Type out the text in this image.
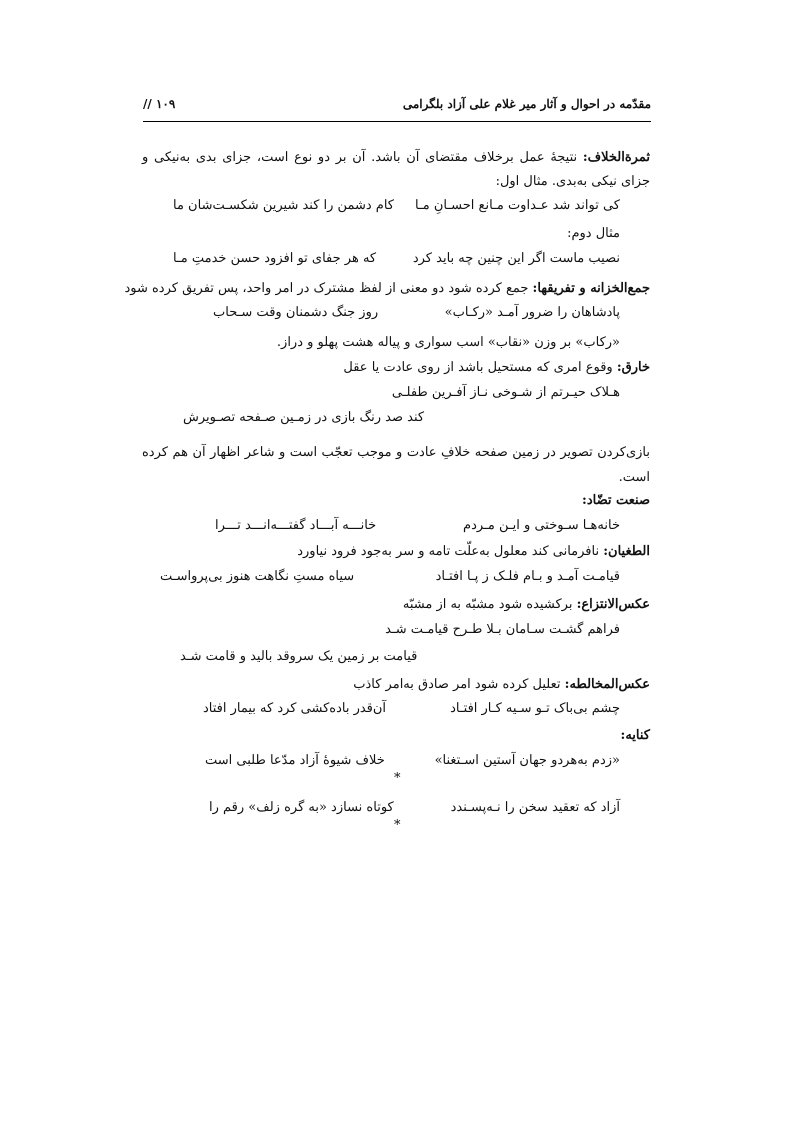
مقدّمه در احوال و آثار میر غلام علی آزاد بلگرامی
۱۰۹ //
ثمرةالخلاف: نتیجهٔ عمل برخلاف مقتضای آن باشد. آن بر دو نوع است، جزای بدی به‌نیکی و جزای نیکی به‌بدی. مثال اول:
کی تواند شد عـداوت مـانع احسـانِ مـا
کام دشمن را کند شیرین شکسـت‌شان ما
مثال دوم:
نصیب ماست اگر این چنین چه باید کرد
که هر جفای تو افزود حسن خدمتِ مـا
جمع‌الخزانه و تفریقها: جمع کرده شود دو معنی از لفظ مشترک در امر واحد، پس تفریق کرده شود
پادشاهان را ضرور آمـد «رکـاب»
روز جنگ دشمنان وقت سـحاب
«رکاب» بر وزن «نقاب» اسب سواری و پیاله هشت پهلو و دراز.
خارق: وقوع امری که مستحیل باشد از روی عادت یا عقل
هـلاک حیـرتم از شـوخی نـاز آفـرین طفلـی
کند صد رنگ بازی در زمـین صـفحه تصـویرش
بازی‌کردن تصویر در زمین صفحه خلافِ عادت و موجب تعجّب است و شاعر اظهار آن هم کرده است.
صنعت تضّاد:
خانه‌هـا سـوختی و ایـن مـردم
خانـــه آبـــاد گفتـــه‌انـــد تـــرا
الطغیان: نافرمانی کند معلول به‌علّت تامه و سر به‌جود فرود نیاورد
قیامـت آمـد و بـام فلـک ز پـا افتـاد
سیاه مستِ نگاهت هنوز بی‌پرواسـت
عکس‌الانتزاع: برکشیده شود مشبّه به از مشبّه
فراهم گشـت سـامان بـلا طـرح قیامـت شـد
قیامت بر زمین یک سروقد بالید و قامت شـد
عکس‌المخالطه: تعلیل کرده شود امر صادق به‌امر کاذب
چشم بی‌باک تـو سـیه کـار افتـاد
آن‌قدر باده‌کشی کرد که بیمار افتاد
کنایه:
«زدم به‌هردو جهان آستین اسـتغنا»
خلاف شیوهٔ آزاد مدّعا طلبی است
*
آزاد که تعقید سخن را نـه‌پسـندد
کوتاه نسازد «به گره زلف» رقم را
*
